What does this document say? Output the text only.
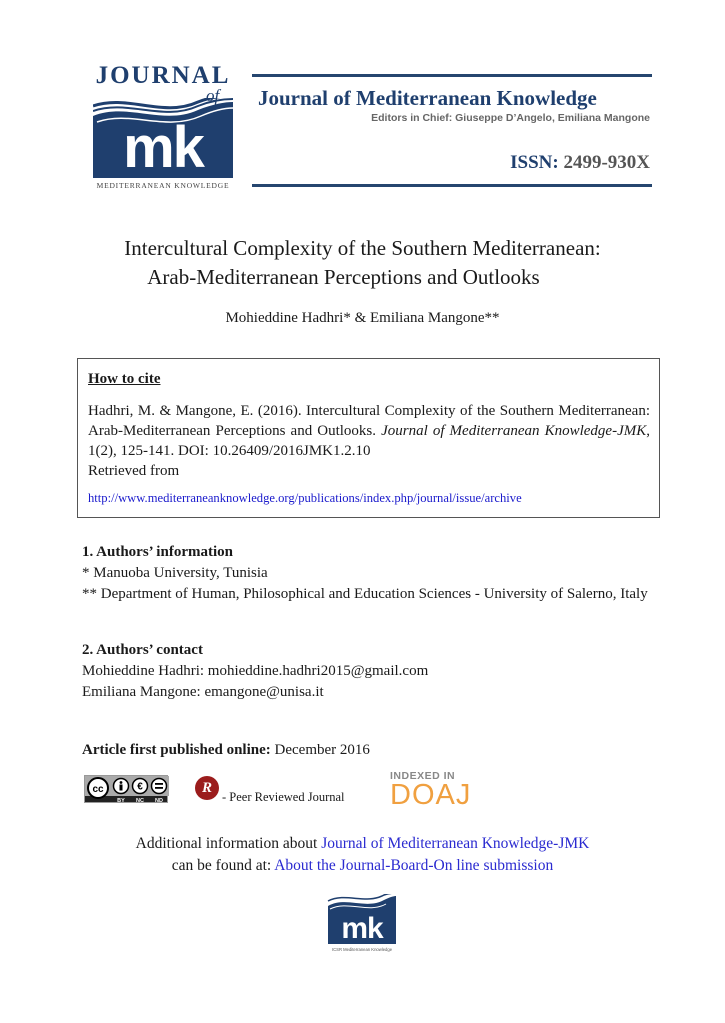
JOURNAL
of
mk
MEDITERRANEAN KNOWLEDGE
Journal of Mediterranean Knowledge
Editors in Chief: Giuseppe D’Angelo, Emiliana Mangone
ISSN: 2499-930X
Intercultural Complexity of the Southern Mediterranean:
Arab-Mediterranean Perceptions and Outlooks
Mohieddine Hadhri* & Emiliana Mangone**
How to cite
Hadhri, M. & Mangone, E. (2016). Intercultural Complexity of the Southern Mediterranean: Arab-Mediterranean Perceptions and Outlooks. Journal of Mediterranean Knowledge-JMK, 1(2), 125-141. DOI: 10.26409/2016JMK1.2.10
Retrieved from
http://www.mediterraneanknowledge.org/publications/index.php/journal/issue/archive
1. Authors’ information
* Manuoba University, Tunisia
** Department of Human, Philosophical and Education Sciences - University of Salerno, Italy
2. Authors’ contact
Mohieddine Hadhri: mohieddine.hadhri2015@gmail.com
Emiliana Mangone: emangone@unisa.it
Article first published online: December 2016
cc	€
BY NC ND
R
- Peer Reviewed Journal
INDEXED IN
DOAJ
Additional information about Journal of Mediterranean Knowledge-JMK
can be found at: About the Journal-Board-On line submission
mk
ICSR Mediterranean Knowledge
